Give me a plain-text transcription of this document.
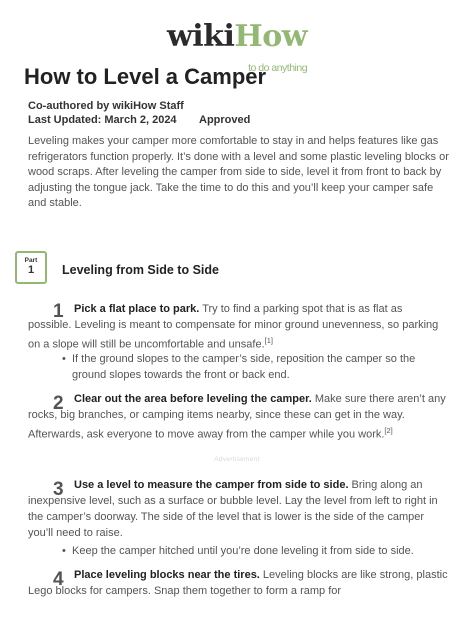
wikiHow
to do anything
How to Level a Camper
Co-authored by wikiHow Staff
Last Updated: March 2, 2024 Approved

Leveling makes your camper more comfortable to stay in and helps features like gas refrigerators function properly. It’s done with a level and some plastic leveling blocks or wood scraps. After leveling the camper from side to side, level it from front to back by adjusting the tongue jack. Take the time to do this and you’ll keep your camper safe and stable.

Part
1	Leveling from Side to Side
1 Pick a flat place to park. Try to find a parking spot that is as flat as possible. Leveling is meant to compensate for minor ground unevenness, so parking on a slope will still be uncomfortable and unsafe.[1]

• If the ground slopes to the camper’s side, reposition the camper so the ground slopes towards the front or back end.
2 Clear out the area before leveling the camper. Make sure there aren’t any rocks, big branches, or camping items nearby, since these can get in the way. Afterwards, ask everyone to move away from the camper while you work.[2]

Advertisement
3 Use a level to measure the camper from side to side. Bring along an inexpensive level, such as a surface or bubble level. Lay the level from left to right in the camper’s doorway. The side of the level that is lower is the side of the camper you’ll need to raise.

• Keep the camper hitched until you’re done leveling it from side to side.
4 Place leveling blocks near the tires. Leveling blocks are like strong, plastic Lego blocks for campers. Snap them together to form a ramp for
